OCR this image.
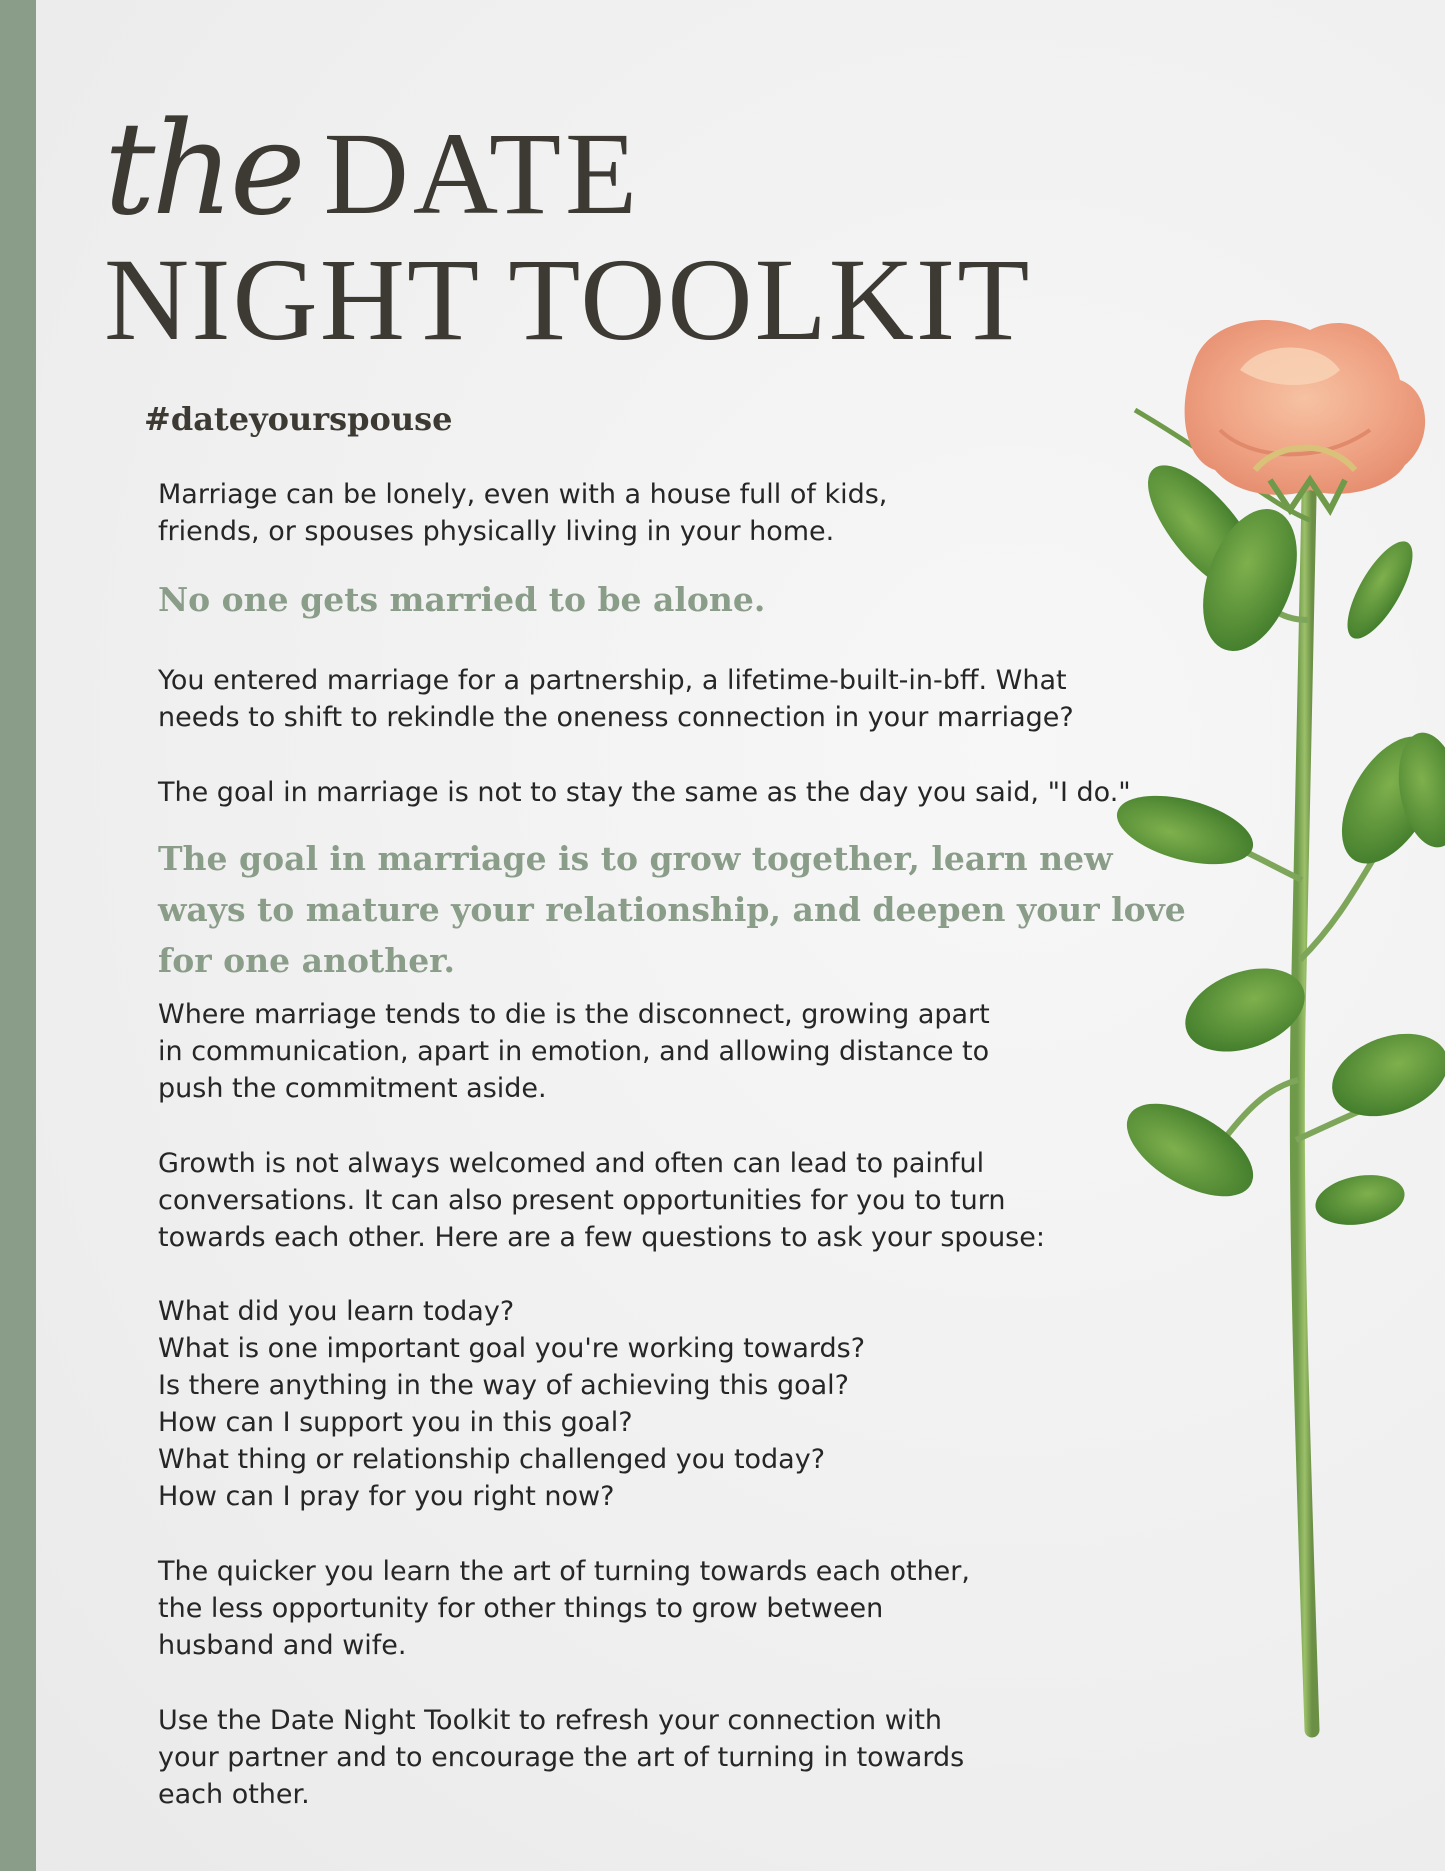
the DATE
NIGHT TOOLKIT
#dateyourspouse

Marriage can be lonely, even with a house full of kids,
friends, or spouses physically living in your home.

No one gets married to be alone.

You entered marriage for a partnership, a lifetime-built-in-bff. What
needs to shift to rekindle the oneness connection in your marriage?

The goal in marriage is not to stay the same as the day you said, "I do."

The goal in marriage is to grow together, learn new
ways to mature your relationship, and deepen your love
for one another.

Where marriage tends to die is the disconnect, growing apart
in communication, apart in emotion, and allowing distance to
push the commitment aside.

Growth is not always welcomed and often can lead to painful
conversations. It can also present opportunities for you to turn
towards each other. Here are a few questions to ask your spouse:

What did you learn today?
What is one important goal you're working towards?
Is there anything in the way of achieving this goal?
How can I support you in this goal?
What thing or relationship challenged you today?
How can I pray for you right now?

The quicker you learn the art of turning towards each other,
the less opportunity for other things to grow between
husband and wife.

Use the Date Night Toolkit to refresh your connection with
your partner and to encourage the art of turning in towards
each other.
